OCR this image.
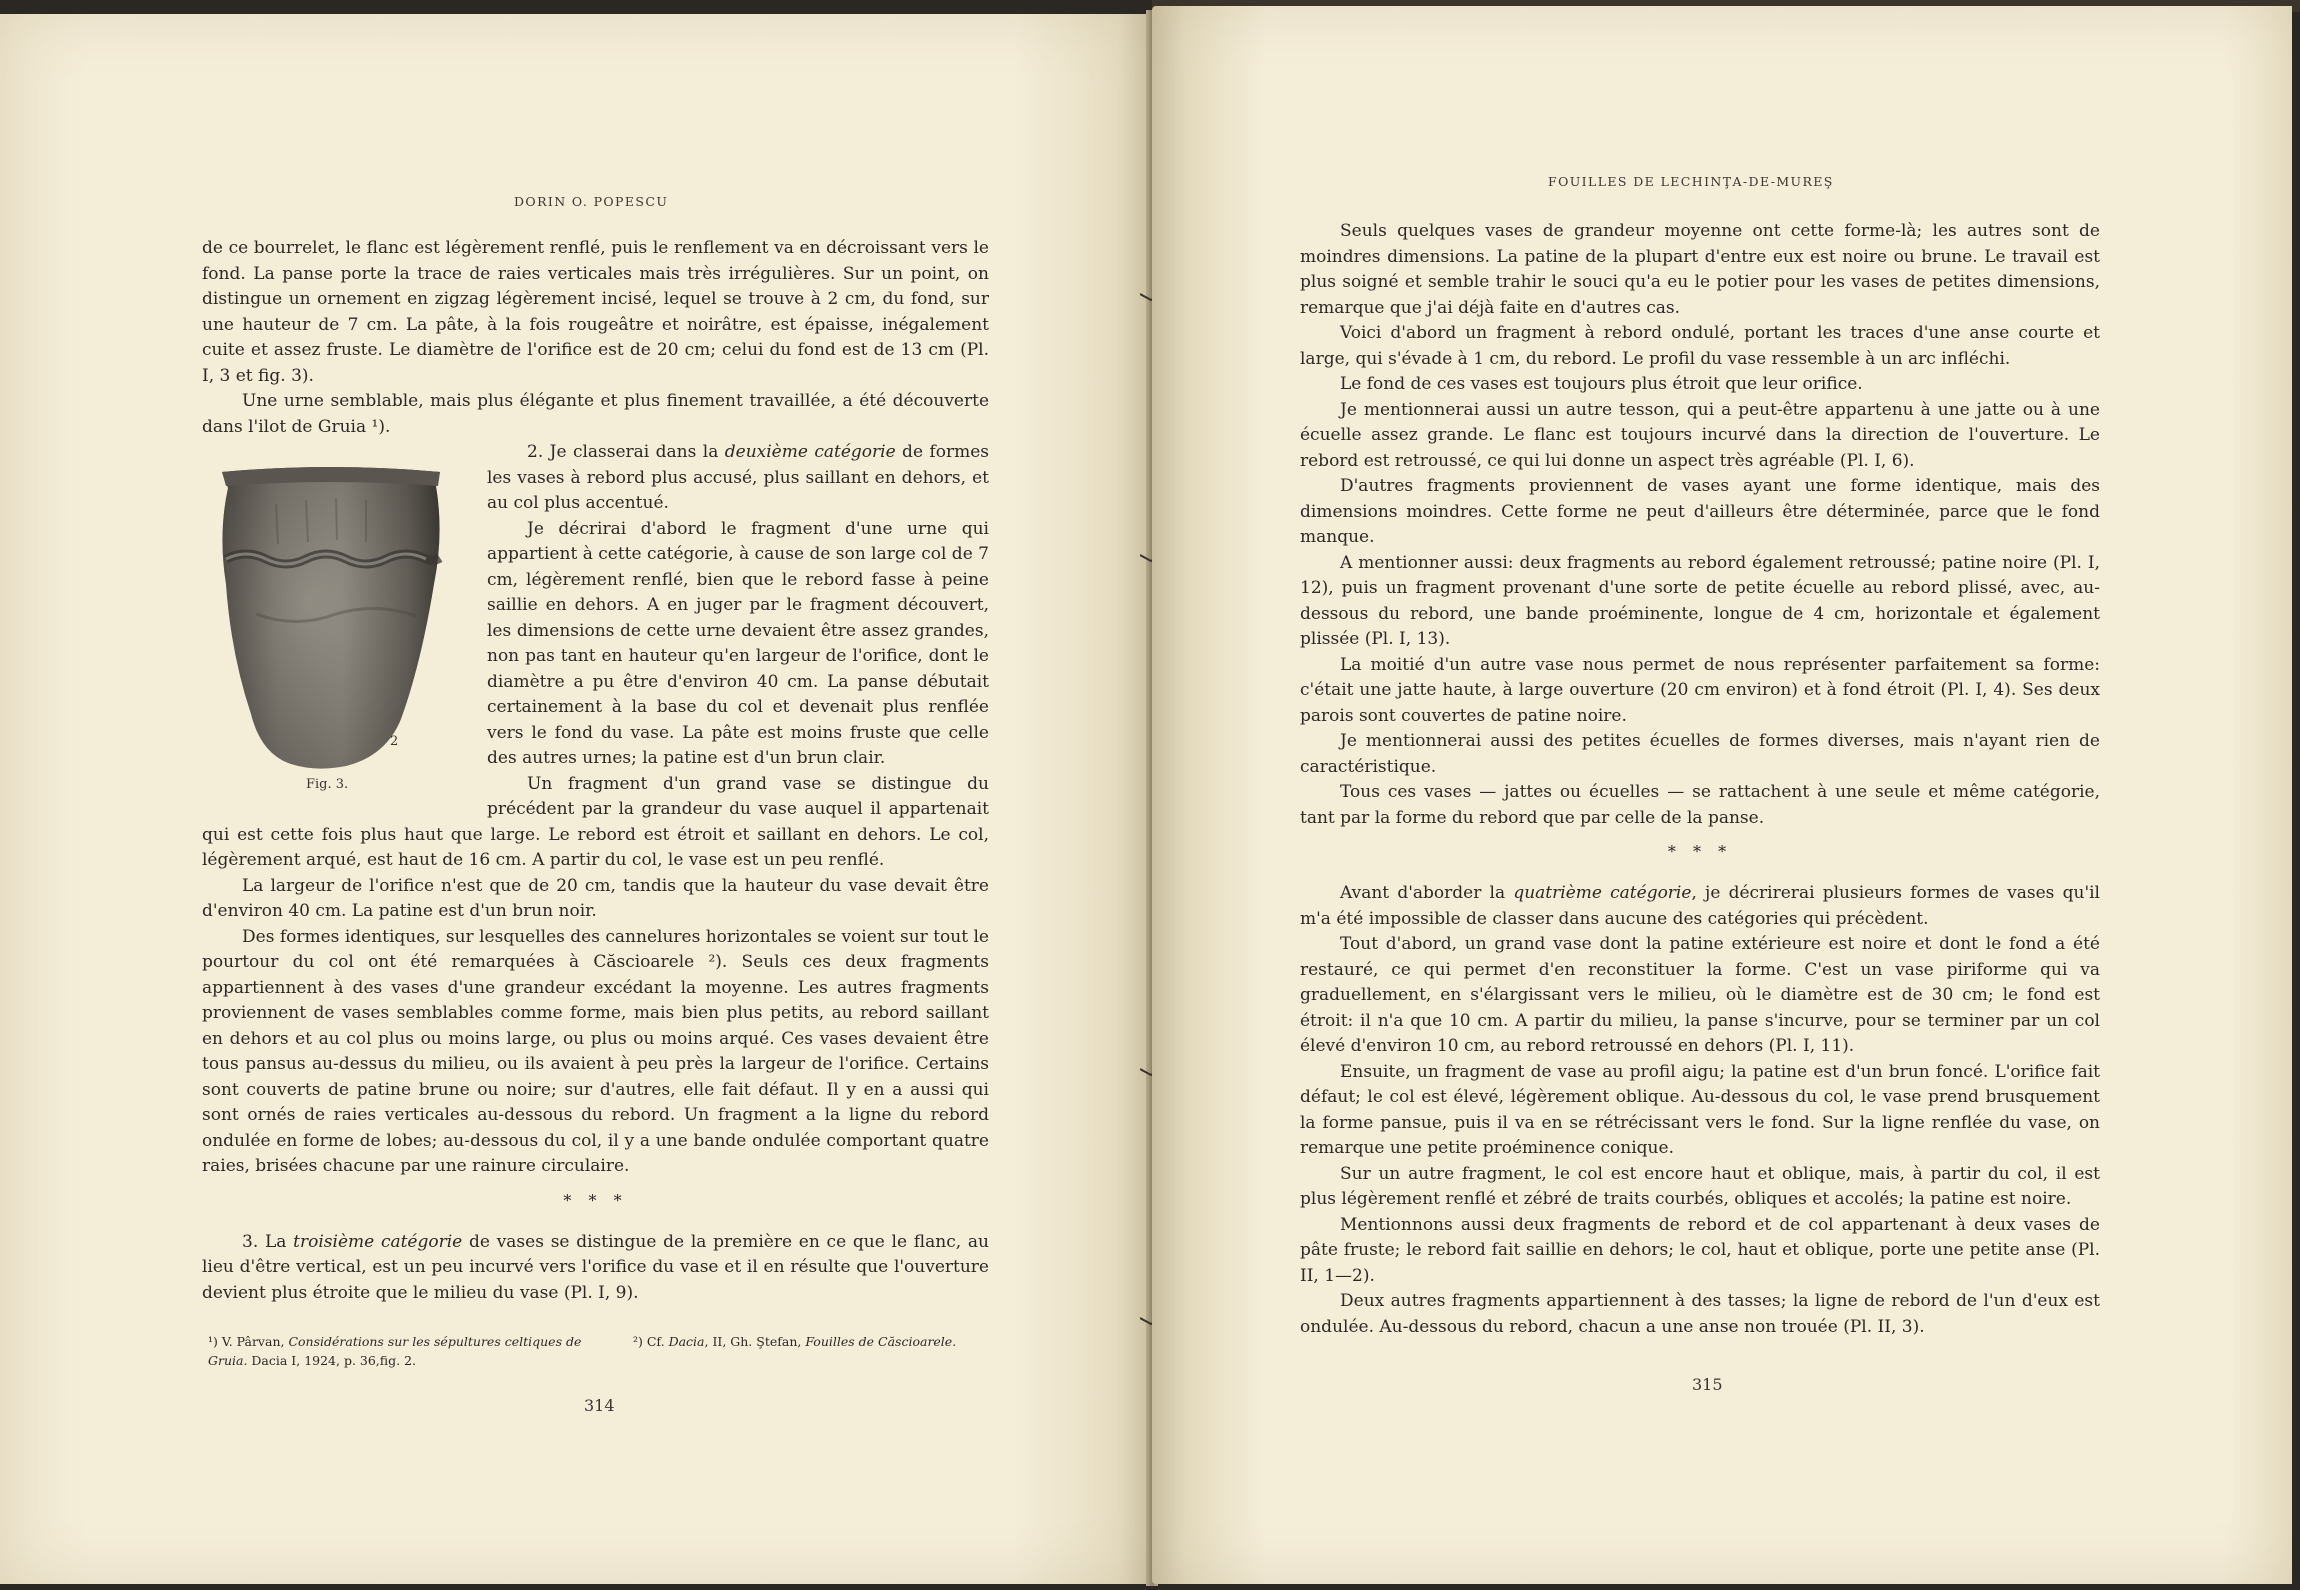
DORIN O. POPESCU

de ce bourrelet, le flanc est légèrement renflé, puis le renflement va en décroissant vers le fond. La panse porte la trace de raies verticales mais très irrégulières. Sur un point, on distingue un ornement en zigzag légèrement incisé, lequel se trouve à 2 cm, du fond, sur une hauteur de 7 cm. La pâte, à la fois rougeâtre et noirâtre, est épaisse, inégalement cuite et assez fruste. Le diamètre de l'orifice est de 20 cm; celui du fond est de 13 cm (Pl. I, 3 et fig. 3).

Une urne semblable, mais plus élégante et plus finement travaillée, a été découverte dans l'ilot de Gruia ¹).

2. Je classerai dans la deuxième catégorie de formes les vases à rebord plus accusé, plus saillant en dehors, et au col plus accentué.

Je décrirai d'abord le fragment d'une urne qui appartient à cette catégorie, à cause de son large col de 7 cm, légèrement renflé, bien que le rebord fasse à peine saillie en dehors. A en juger par le fragment découvert, les dimensions de cette urne devaient être assez grandes, non pas tant en hauteur qu'en largeur de l'orifice, dont le diamètre a pu être d'environ 40 cm. La panse débutait certainement à la base du col et devenait plus renflée vers le fond du vase. La pâte est moins fruste que celle des autres urnes; la patine est d'un brun clair.

Un fragment d'un grand vase se distingue du précédent par la grandeur du vase auquel il appartenait qui est cette fois plus haut que large. Le rebord est étroit et saillant en dehors. Le col, légèrement arqué, est haut de 16 cm. A partir du col, le vase est un peu renflé.

La largeur de l'orifice n'est que de 20 cm, tandis que la hauteur du vase devait être d'environ 40 cm. La patine est d'un brun noir.

Des formes identiques, sur lesquelles des cannelures horizontales se voient sur tout le pourtour du col ont été remarquées à Căscioarele ²). Seuls ces deux fragments appartiennent à des vases d'une grandeur excédant la moyenne. Les autres fragments proviennent de vases semblables comme forme, mais bien plus petits, au rebord saillant en dehors et au col plus ou moins large, ou plus ou moins arqué. Ces vases devaient être tous pansus au-dessus du milieu, ou ils avaient à peu près la largeur de l'orifice. Certains sont couverts de patine brune ou noire; sur d'autres, elle fait défaut. Il y en a aussi qui sont ornés de raies verticales au-dessous du rebord. Un fragment a la ligne du rebord ondulée en forme de lobes; au-dessous du col, il y a une bande ondulée comportant quatre raies, brisées chacune par une rainure circulaire.

* * *

3. La troisième catégorie de vases se distingue de la première en ce que le flanc, au lieu d'être vertical, est un peu incurvé vers l'orifice du vase et il en résulte que l'ouverture devient plus étroite que le milieu du vase (Pl. I, 9).

2
Fig. 3.
¹) V. Pârvan, Considérations sur les sépultures celtiques de Gruia. Dacia I, 1924, p. 36,fig. 2.
²) Cf. Dacia, II, Gh. Ştefan, Fouilles de Căscioarele.
314
FOUILLES DE LECHINŢA-DE-MUREŞ

Seuls quelques vases de grandeur moyenne ont cette forme-là; les autres sont de moindres dimensions. La patine de la plupart d'entre eux est noire ou brune. Le travail est plus soigné et semble trahir le souci qu'a eu le potier pour les vases de petites dimensions, remarque que j'ai déjà faite en d'autres cas.

Voici d'abord un fragment à rebord ondulé, portant les traces d'une anse courte et large, qui s'évade à 1 cm, du rebord. Le profil du vase ressemble à un arc infléchi.

Le fond de ces vases est toujours plus étroit que leur orifice.

Je mentionnerai aussi un autre tesson, qui a peut-être appartenu à une jatte ou à une écuelle assez grande. Le flanc est toujours incurvé dans la direction de l'ouverture. Le rebord est retroussé, ce qui lui donne un aspect très agréable (Pl. I, 6).

D'autres fragments proviennent de vases ayant une forme identique, mais des dimensions moindres. Cette forme ne peut d'ailleurs être déterminée, parce que le fond manque.

A mentionner aussi: deux fragments au rebord également retroussé; patine noire (Pl. I, 12), puis un fragment provenant d'une sorte de petite écuelle au rebord plissé, avec, au-dessous du rebord, une bande proéminente, longue de 4 cm, horizontale et également plissée (Pl. I, 13).

La moitié d'un autre vase nous permet de nous représenter parfaitement sa forme: c'était une jatte haute, à large ouverture (20 cm environ) et à fond étroit (Pl. I, 4). Ses deux parois sont couvertes de patine noire.

Je mentionnerai aussi des petites écuelles de formes diverses, mais n'ayant rien de caractéristique.

Tous ces vases — jattes ou écuelles — se rattachent à une seule et même catégorie, tant par la forme du rebord que par celle de la panse.

* * *

Avant d'aborder la quatrième catégorie, je décrirerai plusieurs formes de vases qu'il m'a été impossible de classer dans aucune des catégories qui précèdent.

Tout d'abord, un grand vase dont la patine extérieure est noire et dont le fond a été restauré, ce qui permet d'en reconstituer la forme. C'est un vase piriforme qui va graduellement, en s'élargissant vers le milieu, où le diamètre est de 30 cm; le fond est étroit: il n'a que 10 cm. A partir du milieu, la panse s'incurve, pour se terminer par un col élevé d'environ 10 cm, au rebord retroussé en dehors (Pl. I, 11).

Ensuite, un fragment de vase au profil aigu; la patine est d'un brun foncé. L'orifice fait défaut; le col est élevé, légèrement oblique. Au-dessous du col, le vase prend brusquement la forme pansue, puis il va en se rétrécissant vers le fond. Sur la ligne renflée du vase, on remarque une petite proéminence conique.

Sur un autre fragment, le col est encore haut et oblique, mais, à partir du col, il est plus légèrement renflé et zébré de traits courbés, obliques et accolés; la patine est noire.

Mentionnons aussi deux fragments de rebord et de col appartenant à deux vases de pâte fruste; le rebord fait saillie en dehors; le col, haut et oblique, porte une petite anse (Pl. II, 1—2).

Deux autres fragments appartiennent à des tasses; la ligne de rebord de l'un d'eux est ondulée. Au-dessous du rebord, chacun a une anse non trouée (Pl. II, 3).

315
